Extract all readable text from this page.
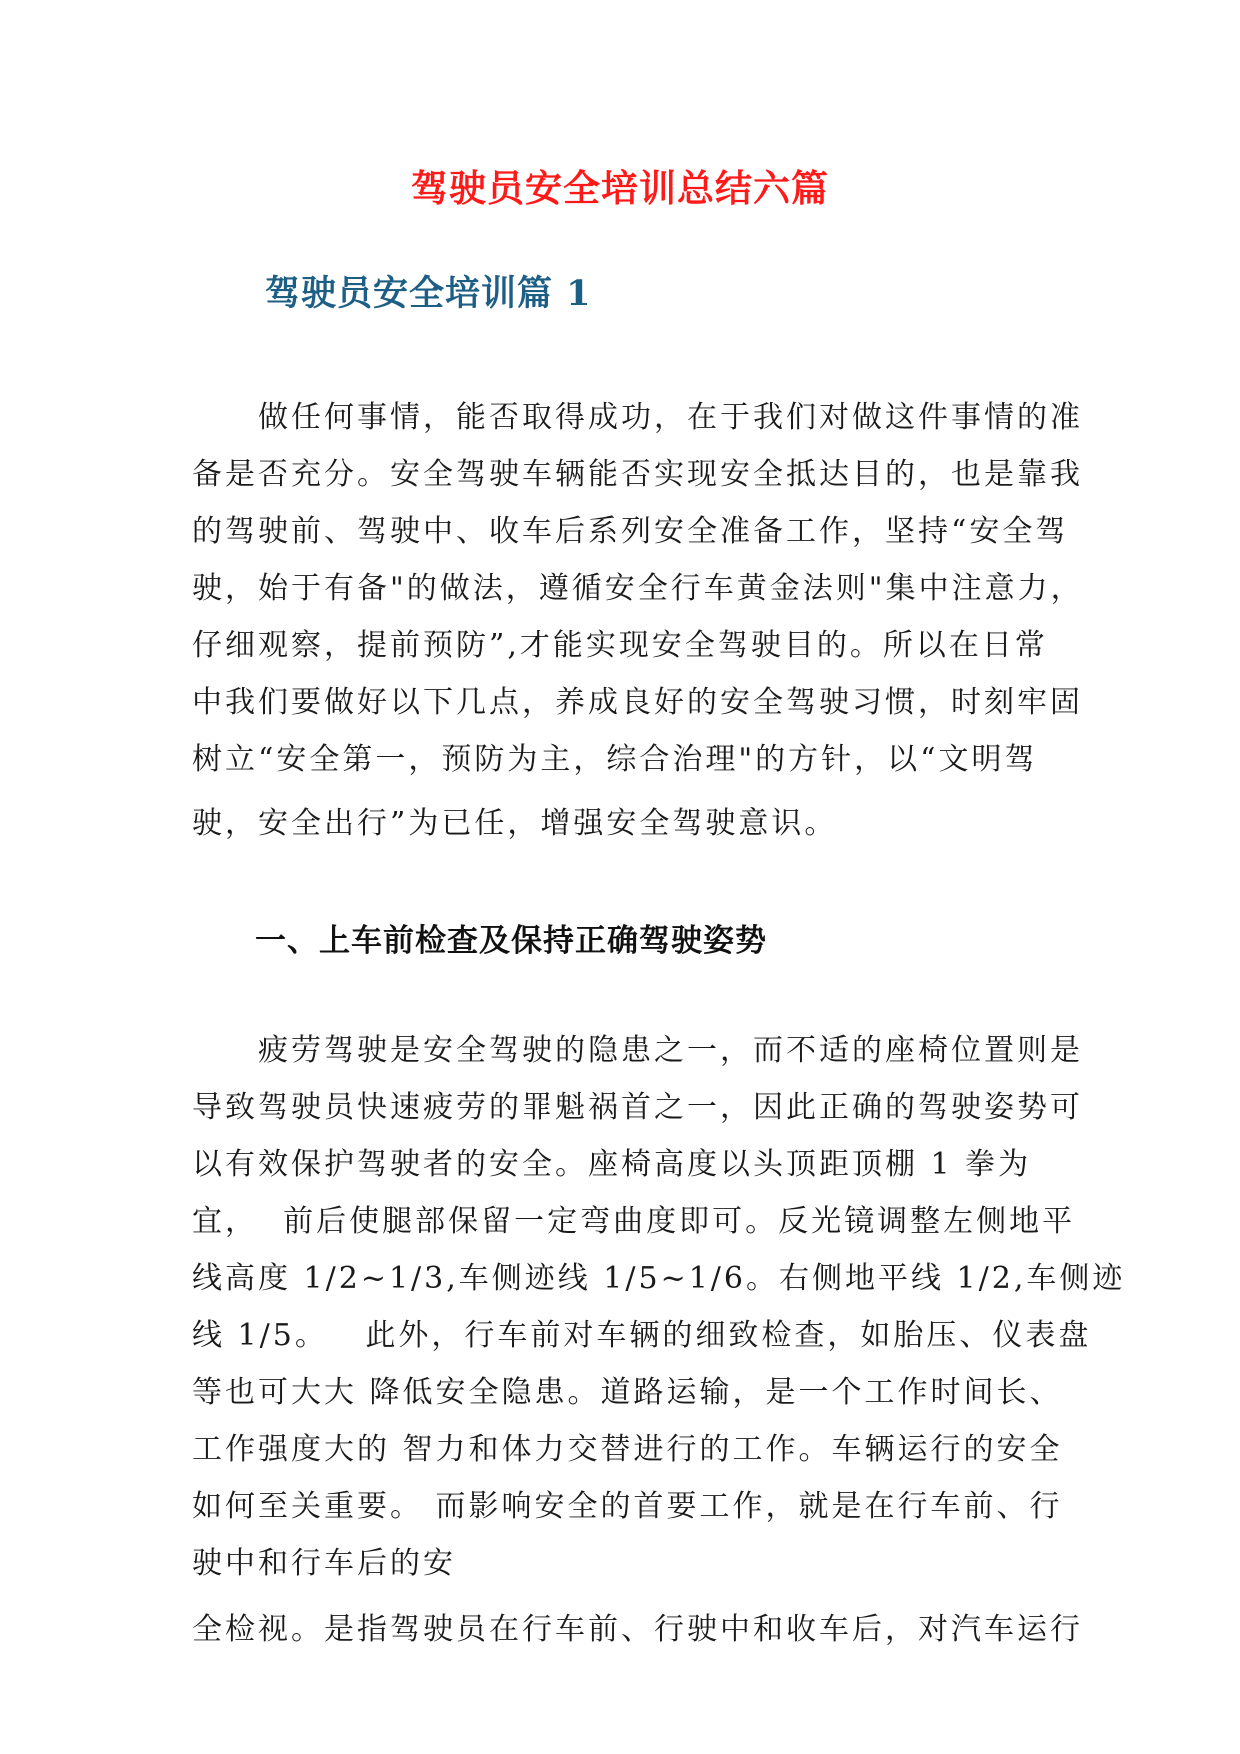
驾驶员安全培训总结六篇
驾驶员安全培训篇 1
做任何事情，能否取得成功，在于我们对做这件事情的准
备是否充分。安全驾驶车辆能否实现安全抵达目的，也是靠我
的驾驶前、驾驶中、收车后系列安全准备工作，坚持“安全驾
驶，始于有备"的做法，遵循安全行车黄金法则"集中注意力，
仔细观察，提前预防”,才能实现安全驾驶目的。所以在日常
中我们要做好以下几点，养成良好的安全驾驶习惯，时刻牢固
树立“安全第一，预防为主，综合治理"的方针，以“文明驾
驶，安全出行”为已任，增强安全驾驶意识。
一、上车前检查及保持正确驾驶姿势
疲劳驾驶是安全驾驶的隐患之一，而不适的座椅位置则是
导致驾驶员快速疲劳的罪魁祸首之一，因此正确的驾驶姿势可
以有效保护驾驶者的安全。座椅高度以头顶距顶棚 1 拳为
宜，  前后使腿部保留一定弯曲度即可。反光镜调整左侧地平
线高度 1/2~1/3,车侧迹线 1/5~1/6。右侧地平线 1/2,车侧迹
线 1/5。   此外，行车前对车辆的细致检查，如胎压、仪表盘
等也可大大 降低安全隐患。道路运输，是一个工作时间长、
工作强度大的 智力和体力交替进行的工作。车辆运行的安全
如何至关重要。 而影响安全的首要工作，就是在行车前、行
驶中和行车后的安
全检视。是指驾驶员在行车前、行驶中和收车后，对汽车运行
